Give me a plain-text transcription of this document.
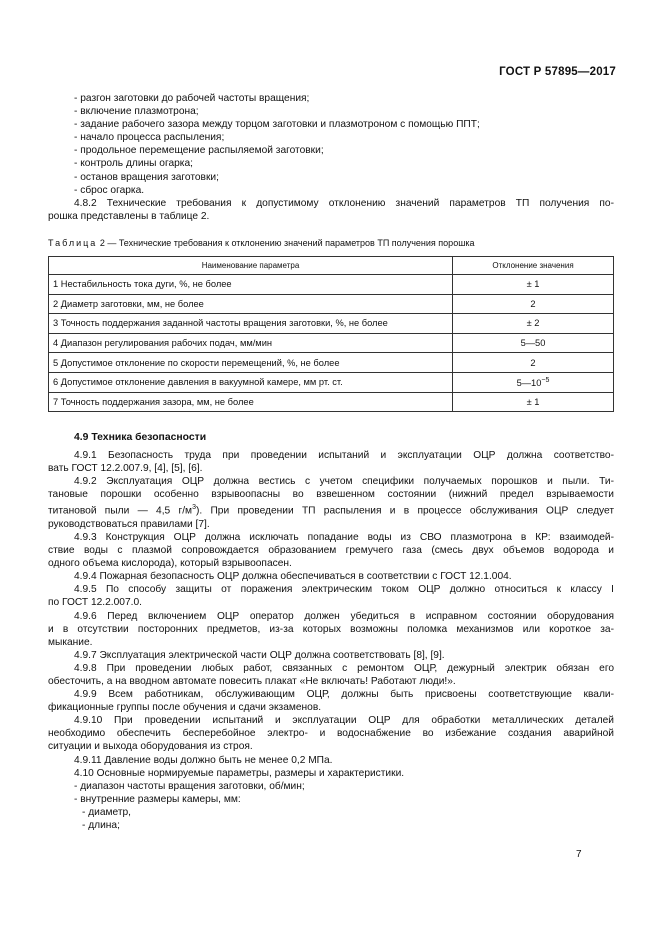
ГОСТ Р 57895—2017
- разгон заготовки до рабочей частоты вращения;
- включение плазмотрона;
- задание рабочего зазора между торцом заготовки и плазмотроном с помощью ППТ;
- начало процесса распыления;
- продольное перемещение распыляемой заготовки;
- контроль длины огарка;
- останов вращения заготовки;
- сброс огарка.
4.8.2 Технические требования к допустимому отклонению значений параметров ТП получения по-
рошка представлены в таблице 2.
Таблица 2 — Технические требования к отклонению значений параметров ТП получения порошка
Наименование параметра	Отклонение значения
1 Нестабильность тока дуги, %, не более	± 1
2 Диаметр заготовки, мм, не более	2
3 Точность поддержания заданной частоты вращения заготовки, %, не более	± 2
4 Диапазон регулирования рабочих подач, мм/мин	5—50
5 Допустимое отклонение по скорости перемещений, %, не более	2
6 Допустимое отклонение давления в вакуумной камере, мм рт. ст.	$5—10^{-5}$
7 Точность поддержания зазора, мм, не более	± 1
4.9 Техника безопасности
4.9.1 Безопасность труда при проведении испытаний и эксплуатации ОЦР должна соответство-
вать ГОСТ 12.2.007.9, [4], [5], [6].
4.9.2 Эксплуатация ОЦР должна вестись с учетом специфики получаемых порошков и пыли. Ти-
тановые порошки особенно взрывоопасны во взвешенном состоянии (нижний предел взрываемости
титановой пыли — 4,5 $г/м^3$). При проведении ТП распыления и в процессе обслуживания ОЦР следует
руководствоваться правилами [7].
4.9.3 Конструкция ОЦР должна исключать попадание воды из СВО плазмотрона в КР: взаимодей-
ствие воды с плазмой сопровождается образованием гремучего газа (смесь двух объемов водорода и
одного объема кислорода), который взрывоопасен.
4.9.4 Пожарная безопасность ОЦР должна обеспечиваться в соответствии с ГОСТ 12.1.004.
4.9.5 По способу защиты от поражения электрическим током ОЦР должно относиться к классу I
по ГОСТ 12.2.007.0.
4.9.6 Перед включением ОЦР оператор должен убедиться в исправном состоянии оборудования
и в отсутствии посторонних предметов, из-за которых возможны поломка механизмов или короткое за-
мыкание.
4.9.7 Эксплуатация электрической части ОЦР должна соответствовать [8], [9].
4.9.8 При проведении любых работ, связанных с ремонтом ОЦР, дежурный электрик обязан его
обесточить, а на вводном автомате повесить плакат «Не включать! Работают люди!».
4.9.9 Всем работникам, обслуживающим ОЦР, должны быть присвоены соответствующие квали-
фикационные группы после обучения и сдачи экзаменов.
4.9.10 При проведении испытаний и эксплуатации ОЦР для обработки металлических деталей
необходимо обеспечить бесперебойное электро- и водоснабжение во избежание создания аварийной
ситуации и выхода оборудования из строя.
4.9.11 Давление воды должно быть не менее 0,2 МПа.
4.10 Основные нормируемые параметры, размеры и характеристики.
- диапазон частоты вращения заготовки, об/мин;
- внутренние размеры камеры, мм:
- диаметр,
- длина;
7
